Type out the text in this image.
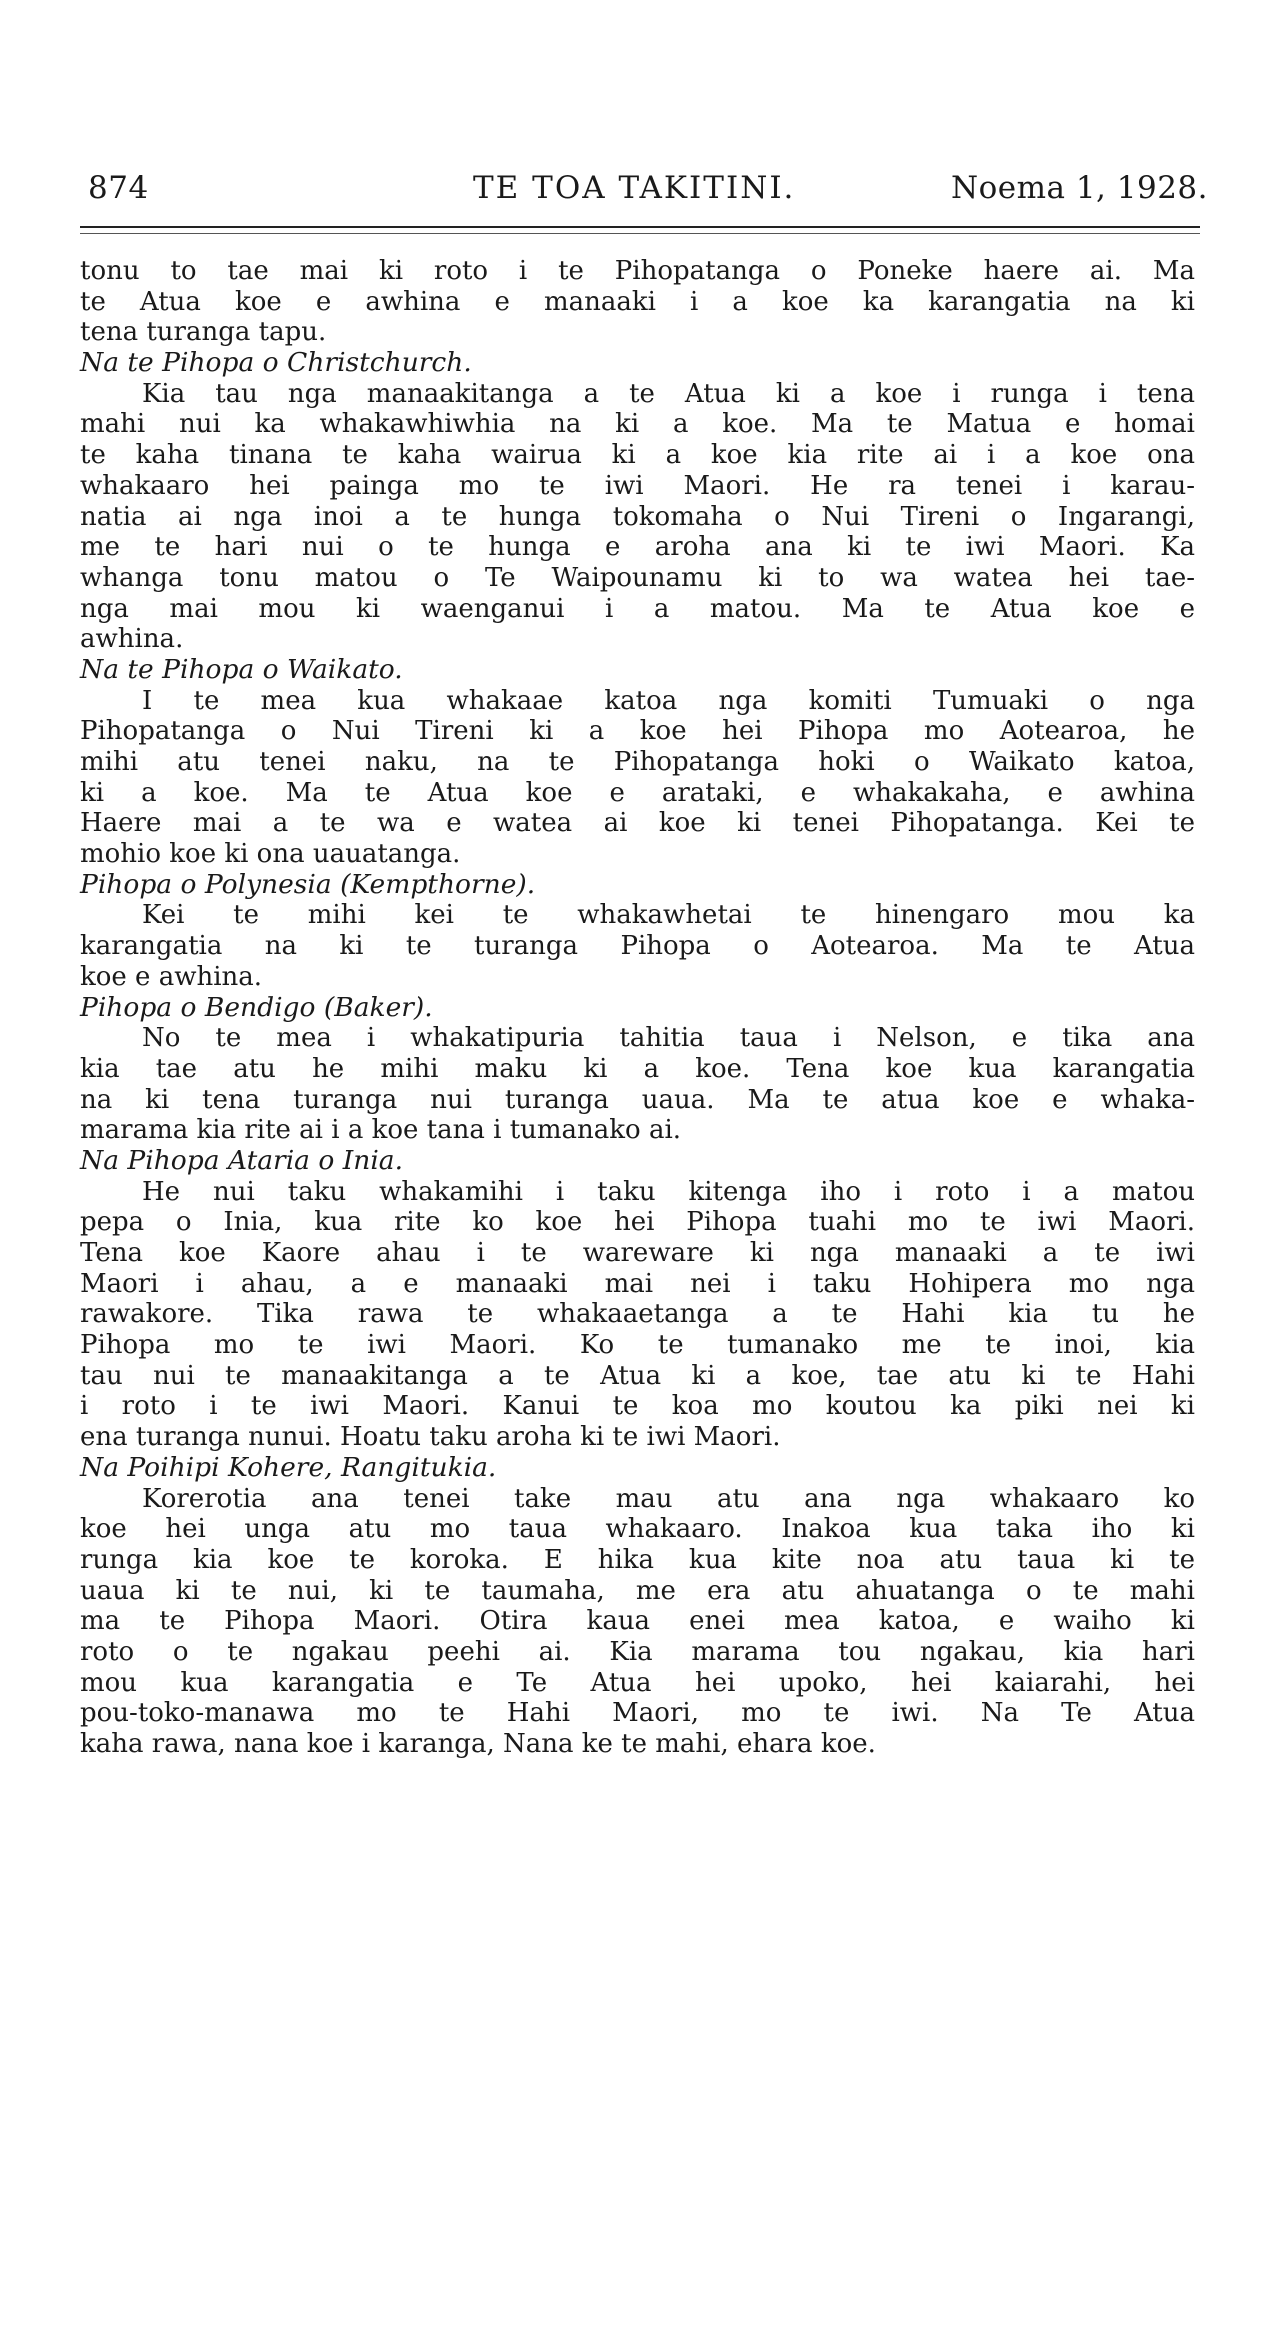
874	TE TOA TAKITINI.	Noema 1, 1928.
tonu to tae mai ki roto i te Pihopatanga o Poneke haere ai. Ma
te Atua koe e awhina e manaaki i a koe ka karangatia na ki
tena turanga tapu.
Na te Pihopa o Christchurch.
Kia tau nga manaakitanga a te Atua ki a koe i runga i tena
mahi nui ka whakawhiwhia na ki a koe. Ma te Matua e homai
te kaha tinana te kaha wairua ki a koe kia rite ai i a koe ona
whakaaro hei painga mo te iwi Maori. He ra tenei i karau-
natia ai nga inoi a te hunga tokomaha o Nui Tireni o Ingarangi,
me te hari nui o te hunga e aroha ana ki te iwi Maori. Ka
whanga tonu matou o Te Waipounamu ki to wa watea hei tae-
nga mai mou ki waenganui i a matou. Ma te Atua koe e
awhina.
Na te Pihopa o Waikato.
I te mea kua whakaae katoa nga komiti Tumuaki o nga
Pihopatanga o Nui Tireni ki a koe hei Pihopa mo Aotearoa, he
mihi atu tenei naku, na te Pihopatanga hoki o Waikato katoa,
ki a koe. Ma te Atua koe e arataki, e whakakaha, e awhina
Haere mai a te wa e watea ai koe ki tenei Pihopatanga. Kei te
mohio koe ki ona uauatanga.
Pihopa o Polynesia (Kempthorne).
Kei te mihi kei te whakawhetai te hinengaro mou ka
karangatia na ki te turanga Pihopa o Aotearoa. Ma te Atua
koe e awhina.
Pihopa o Bendigo (Baker).
No te mea i whakatipuria tahitia taua i Nelson, e tika ana
kia tae atu he mihi maku ki a koe. Tena koe kua karangatia
na ki tena turanga nui turanga uaua. Ma te atua koe e whaka-
marama kia rite ai i a koe tana i tumanako ai.
Na Pihopa Ataria o Inia.
He nui taku whakamihi i taku kitenga iho i roto i a matou
pepa o Inia, kua rite ko koe hei Pihopa tuahi mo te iwi Maori.
Tena koe Kaore ahau i te wareware ki nga manaaki a te iwi
Maori i ahau, a e manaaki mai nei i taku Hohipera mo nga
rawakore. Tika rawa te whakaaetanga a te Hahi kia tu he
Pihopa mo te iwi Maori. Ko te tumanako me te inoi, kia
tau nui te manaakitanga a te Atua ki a koe, tae atu ki te Hahi
i roto i te iwi Maori. Kanui te koa mo koutou ka piki nei ki
ena turanga nunui. Hoatu taku aroha ki te iwi Maori.
Na Poihipi Kohere, Rangitukia.
Korerotia ana tenei take mau atu ana nga whakaaro ko
koe hei unga atu mo taua whakaaro. Inakoa kua taka iho ki
runga kia koe te koroka. E hika kua kite noa atu taua ki te
uaua ki te nui, ki te taumaha, me era atu ahuatanga o te mahi
ma te Pihopa Maori. Otira kaua enei mea katoa, e waiho ki
roto o te ngakau peehi ai. Kia marama tou ngakau, kia hari
mou kua karangatia e Te Atua hei upoko, hei kaiarahi, hei
pou-toko-manawa mo te Hahi Maori, mo te iwi. Na Te Atua
kaha rawa, nana koe i karanga, Nana ke te mahi, ehara koe.
